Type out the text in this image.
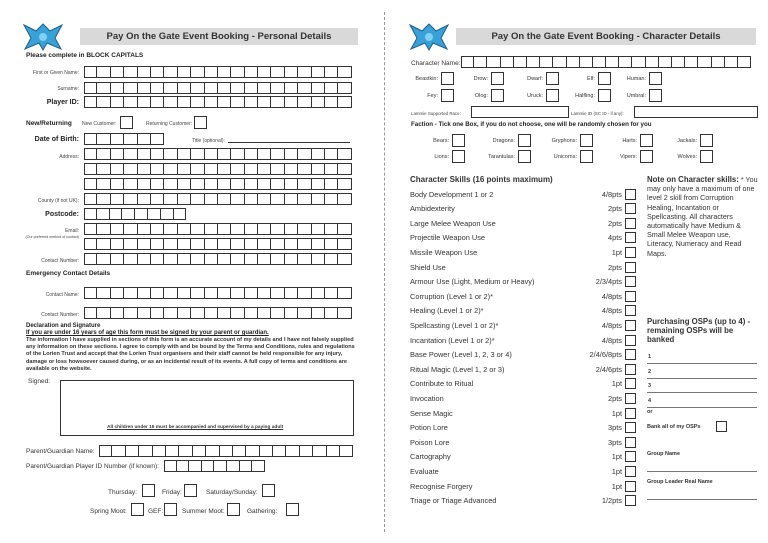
Pay On the Gate Event Booking - Personal Details
Please complete in BLOCK CAPITALS
First or Given Name:
Surname:
Player ID:
New/Returning New Customer:	Returning Customer:
Date of Birth:	Title (optional):
Address:
County (if not UK):
Postcode:
Email:
(Our preferred method of contact)
Contact Number:
Emergency Contact Details
Contact Name:
Contact Number:
Declaration and Signature
If you are under 16 years of age this form must be signed by your parent or guardian.
The information I have supplied in sections of this form is an accurate account of my details and I have not falsely supplied any information on these sections. I agree to comply with and be bound by the Terms and Conditions, rules and regulations of the Lorien Trust and accept that the Lorien Trust organisers and their staff cannot be held responsible for any injury, damage or loss howsoever caused during, or as an incidental result of its events. A full copy of terms and conditions are available on the website.
Signed:
All children under 16 must be accompanied and supervised by a paying adult
Parent/Guardian Name:
Parent/Guardian Player ID Number (if known):
Thursday:	Friday:	Saturday/Sunday:
Spring Moot:	GEF:	Summer Moot:	Gathering:
Pay On the Gate Event Booking - Character Details
Character Name:
Beastkin:	Drow:	Dwarf:	Elf:	Human:
Fey:	Olog:	Uruck:	Halfling:	Umbral:
Lammie Supported Race:	Lammie ID (SC ID - if any):
Faction - Tick one Box, if you do not choose, one will be randomly chosen for you
Bears:	Dragons:	Gryphons:	Harts:	Jackals:
Lions:	Tarantulas:	Unicorns:	Vipers:	Wolves:
Character Skills (16 points maximum)
Body Development 1 or 2	4/8pts
Ambidexterity	2pts
Large Melee Weapon Use	2pts
Projectile Weapon Use	4pts
Missile Weapon Use	1pt
Shield Use	2pts
Armour Use (Light, Medium or Heavy)	2/3/4pts
Corruption (Level 1 or 2)*	4/8pts
Healing (Level 1 or 2)*	4/8pts
Spellcasting (Level 1 or 2)*	4/8pts
Incantation (Level 1 or 2)*	4/8pts
Base Power (Level 1, 2, 3 or 4)	2/4/6/8pts
Ritual Magic (Level 1, 2 or 3)	2/4/6pts
Contribute to Ritual	1pt
Invocation	2pts
Sense Magic	1pt
Potion Lore	3pts
Poison Lore	3pts
Cartography	1pt
Evaluate	1pt
Recognise Forgery	1pt
Triage or Triage Advanced	1/2pts
Note on Character skills: * You may only have a maximum of one level 2 skill from Corruption Healing, Incantation or Spellcasting. All characters automatically have Medium & Small Melee Weapon use, Literacy, Numeracy and Read Maps.
Purchasing OSPs (up to 4) - remaining OSPs will be banked
1
2
3
4
or
Bank all of my OSPs
Group Name
Group Leader Real Name
